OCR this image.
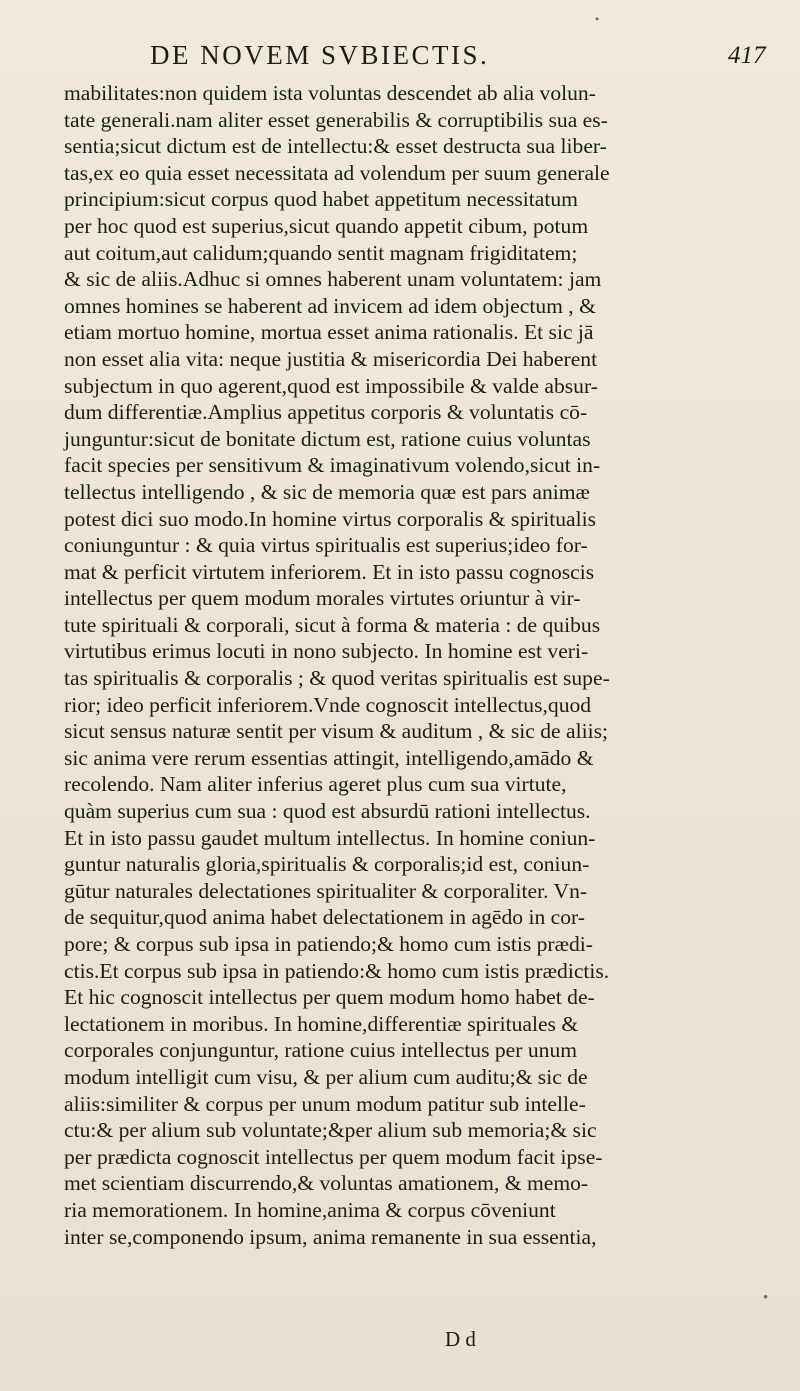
DE NOVEM SVBIECTIS.	417
mabilitates:non quidem ista voluntas descendet ab alia volun-
tate generali.nam aliter esset generabilis & corruptibilis sua es-
sentia;sicut dictum est de intellectu:& esset destructa sua liber-
tas,ex eo quia esset necessitata ad volendum per suum generale
principium:sicut corpus quod habet appetitum necessitatum
per hoc quod est superius,sicut quando appetit cibum, potum
aut coitum,aut calidum;quando sentit magnam frigiditatem;
& sic de aliis.Adhuc si omnes haberent unam voluntatem: jam
omnes homines se haberent ad invicem ad idem objectum , &
etiam mortuo homine, mortua esset anima rationalis. Et sic jā
non esset alia vita: neque justitia & misericordia Dei haberent
subjectum in quo agerent,quod est impossibile & valde absur-
dum differentiæ.Amplius appetitus corporis & voluntatis cō-
junguntur:sicut de bonitate dictum est, ratione cuius voluntas
facit species per sensitivum & imaginativum volendo,sicut in-
tellectus intelligendo , & sic de memoria quæ est pars animæ
potest dici suo modo.In homine virtus corporalis & spiritualis
coniunguntur : & quia virtus spiritualis est superius;ideo for-
mat & perficit virtutem inferiorem. Et in isto passu cognoscis
intellectus per quem modum morales virtutes oriuntur à vir-
tute spirituali & corporali, sicut à forma & materia : de quibus
virtutibus erimus locuti in nono subjecto. In homine est veri-
tas spiritualis & corporalis ; & quod veritas spiritualis est supe-
rior; ideo perficit inferiorem.Vnde cognoscit intellectus,quod
sicut sensus naturæ sentit per visum & auditum , & sic de aliis;
sic anima vere rerum essentias attingit, intelligendo,amādo &
recolendo. Nam aliter inferius ageret plus cum sua virtute,
quàm superius cum sua : quod est absurdū rationi intellectus.
Et in isto passu gaudet multum intellectus. In homine coniun-
guntur naturalis gloria,spiritualis & corporalis;id est, coniun-
gūtur naturales delectationes spiritualiter & corporaliter. Vn-
de sequitur,quod anima habet delectationem in agēdo in cor-
pore; & corpus sub ipsa in patiendo;& homo cum istis prædi-
ctis.Et corpus sub ipsa in patiendo:& homo cum istis prædictis.
Et hic cognoscit intellectus per quem modum homo habet de-
lectationem in moribus. In homine,differentiæ spirituales &
corporales conjunguntur, ratione cuius intellectus per unum
modum intelligit cum visu, & per alium cum auditu;& sic de
aliis:similiter & corpus per unum modum patitur sub intelle-
ctu:& per alium sub voluntate;&per alium sub memoria;& sic
per prædicta cognoscit intellectus per quem modum facit ipse-
met scientiam discurrendo,& voluntas amationem, & memo-
ria memorationem. In homine,anima & corpus cōveniunt
inter se,componendo ipsum, anima remanente in sua essentia,
D d
•
•
